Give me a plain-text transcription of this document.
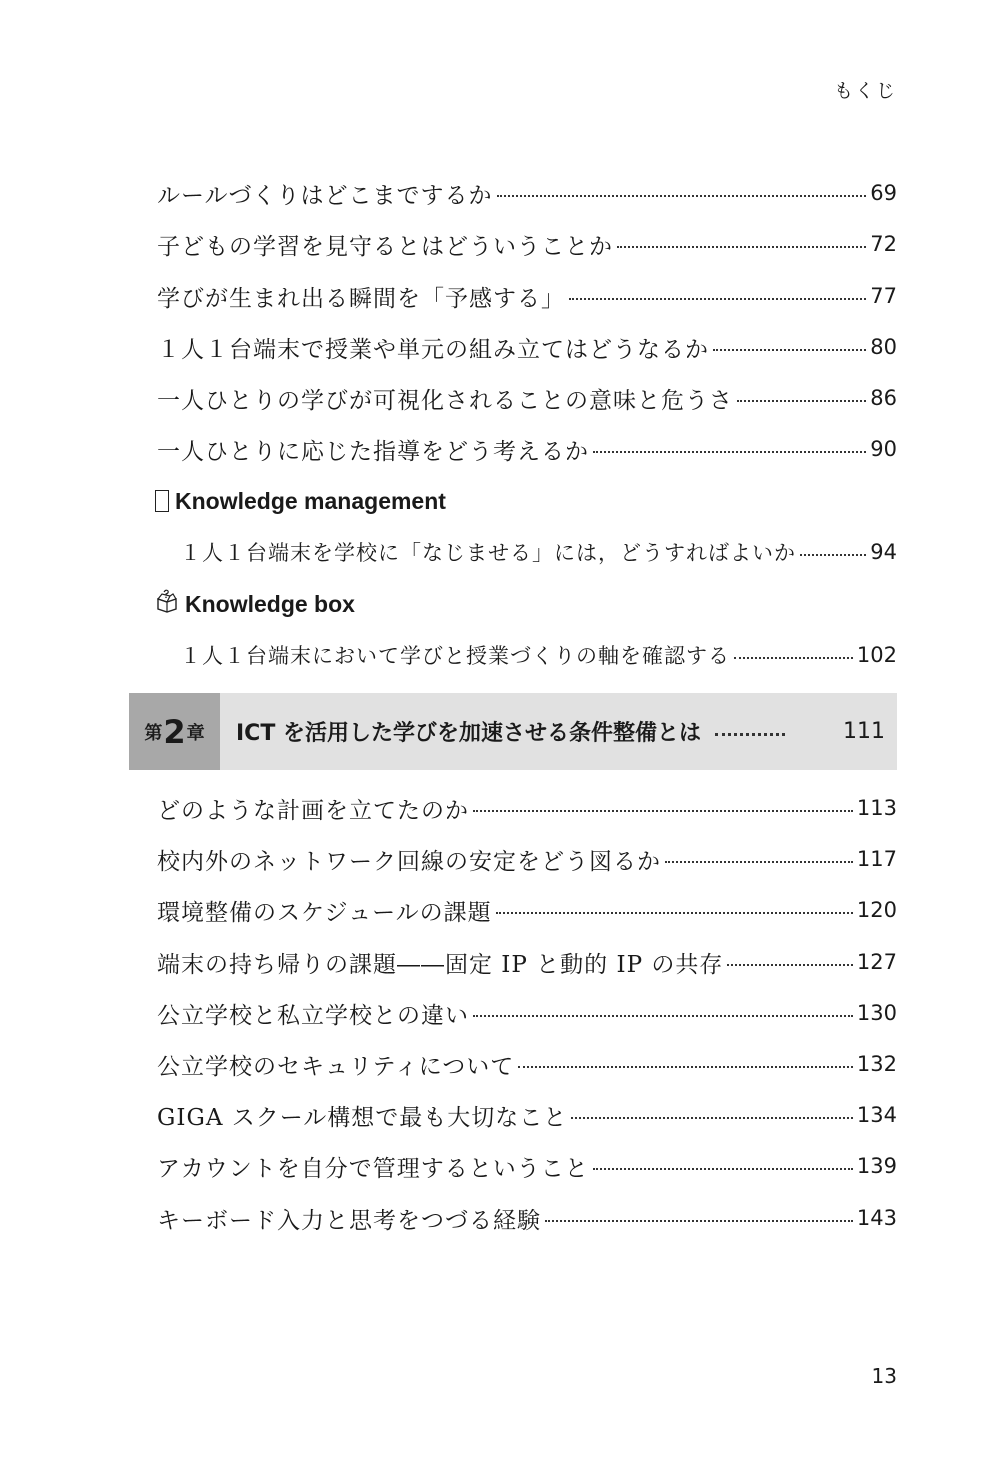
もくじ
ルールづくりはどこまでするか	69
子どもの学習を見守るとはどういうことか	72
学びが生まれ出る瞬間を「予感する」	77
１人１台端末で授業や単元の組み立てはどうなるか	80
一人ひとりの学びが可視化されることの意味と危うさ	86
一人ひとりに応じた指導をどう考えるか	90
Knowledge management
１人１台端末を学校に「なじませる」には，どうすればよいか	94
Knowledge box
１人１台端末において学びと授業づくりの軸を確認する	102
第 2 章 ICT を活用した学びを加速させる条件整備とは	111
どのような計画を立てたのか	113
校内外のネットワーク回線の安定をどう図るか	117
環境整備のスケジュールの課題	120
端末の持ち帰りの課題――固定 IP と動的 IP の共存	127
公立学校と私立学校との違い	130
公立学校のセキュリティについて	132
GIGA スクール構想で最も大切なこと	134
アカウントを自分で管理するということ	139
キーボード入力と思考をつづる経験	143
13
